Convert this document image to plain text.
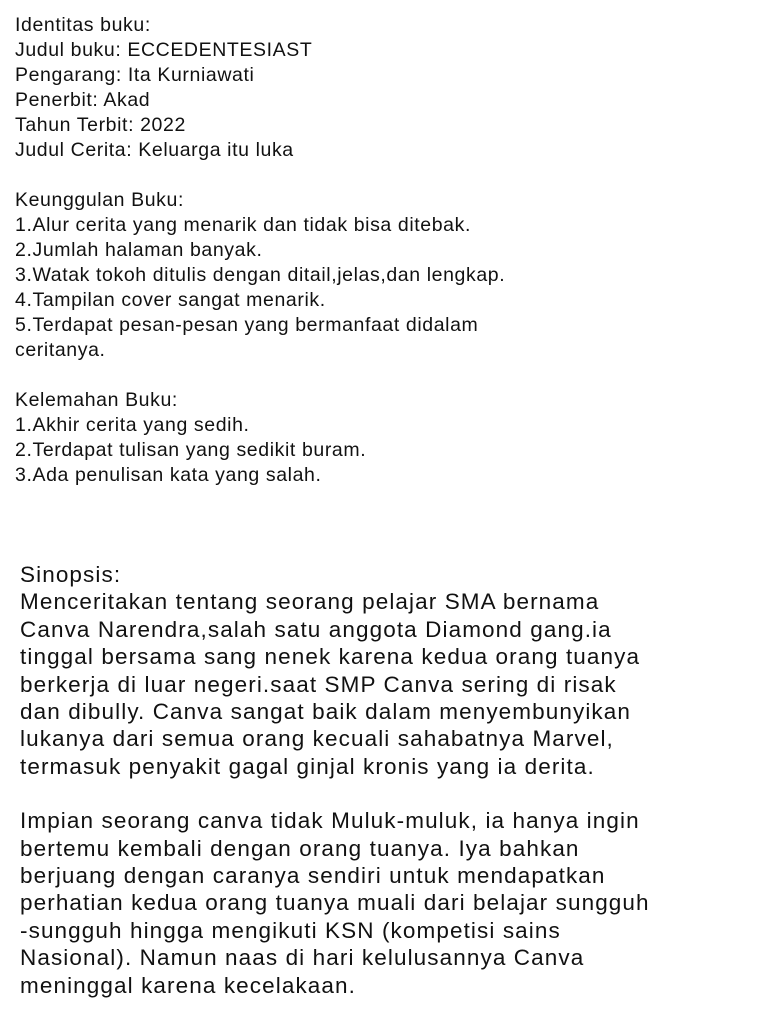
Identitas buku:
Judul buku: ECCEDENTESIAST
Pengarang: Ita Kurniawati
Penerbit: Akad
Tahun Terbit: 2022
Judul Cerita: Keluarga itu luka
Keunggulan Buku:
1.Alur cerita yang menarik dan tidak bisa ditebak.
2.Jumlah halaman banyak.
3.Watak tokoh ditulis dengan ditail,jelas,dan lengkap.
4.Tampilan cover sangat menarik.
5.Terdapat pesan-pesan yang bermanfaat didalam
ceritanya.
Kelemahan Buku:
1.Akhir cerita yang sedih.
2.Terdapat tulisan yang sedikit buram.
3.Ada penulisan kata yang salah.
Sinopsis:
Menceritakan tentang seorang pelajar SMA bernama
Canva Narendra,salah satu anggota Diamond gang.ia
tinggal bersama sang nenek karena kedua orang tuanya
berkerja di luar negeri.saat SMP Canva sering di risak
dan dibully. Canva sangat baik dalam menyembunyikan
lukanya dari semua orang kecuali sahabatnya Marvel,
termasuk penyakit gagal ginjal kronis yang ia derita.
Impian seorang canva tidak Muluk-muluk, ia hanya ingin
bertemu kembali dengan orang tuanya. Iya bahkan
berjuang dengan caranya sendiri untuk mendapatkan
perhatian kedua orang tuanya muali dari belajar sungguh
-sungguh hingga mengikuti KSN (kompetisi sains
Nasional). Namun naas di hari kelulusannya Canva
meninggal karena kecelakaan.
